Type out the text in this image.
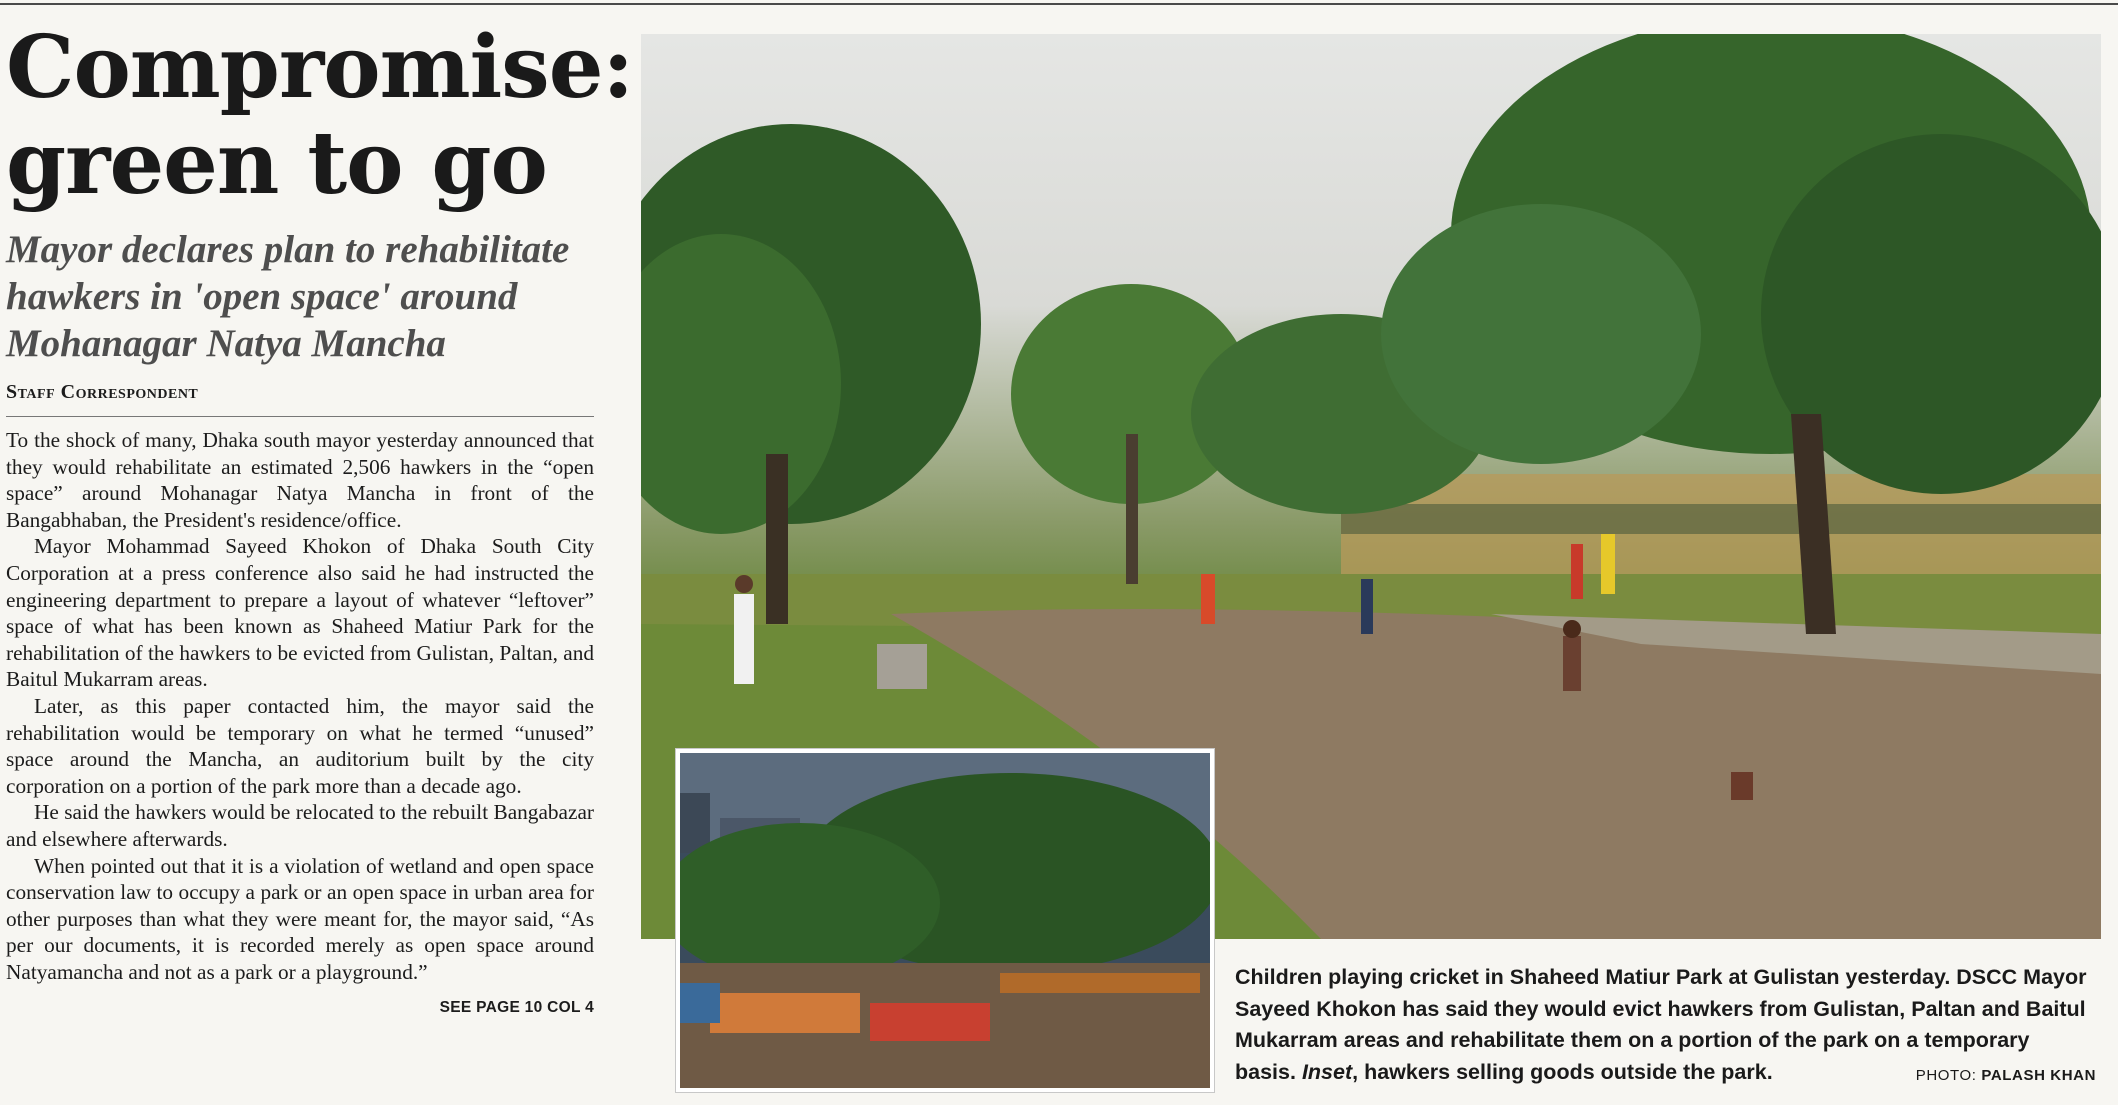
Compromise:
green to go
Mayor declares plan to rehabilitate hawkers in 'open space' around Mohanagar Natya Mancha
Staff Correspondent

To the shock of many, Dhaka south mayor yesterday announced that they would rehabilitate an estimated 2,506 hawkers in the “open space” around Mohanagar Natya Mancha in front of the Bangabhaban, the President's residence/office.

Mayor Mohammad Sayeed Khokon of Dhaka South City Corporation at a press conference also said he had instructed the engineering department to prepare a layout of whatever “leftover” space of what has been known as Shaheed Matiur Park for the rehabilitation of the hawkers to be evicted from Gulistan, Paltan, and Baitul Mukarram areas.

Later, as this paper contacted him, the mayor said the rehabilitation would be temporary on what he termed “unused” space around the Mancha, an auditorium built by the city corporation on a portion of the park more than a decade ago.

He said the hawkers would be relocated to the rebuilt Bangabazar and elsewhere afterwards.

When pointed out that it is a violation of wetland and open space conservation law to occupy a park or an open space in urban area for other purposes than what they were meant for, the mayor said, “As per our documents, it is recorded merely as open space around Natyamancha and not as a park or a playground.”

SEE PAGE 10 COL 4
Children playing cricket in Shaheed Matiur Park at Gulistan yesterday. DSCC Mayor Sayeed Khokon has said they would evict hawkers from Gulistan, Paltan and Baitul Mukarram areas and rehabilitate them on a portion of the park on a temporary basis. Inset, hawkers selling goods outside the park.	PHOTO: PALASH KHAN
